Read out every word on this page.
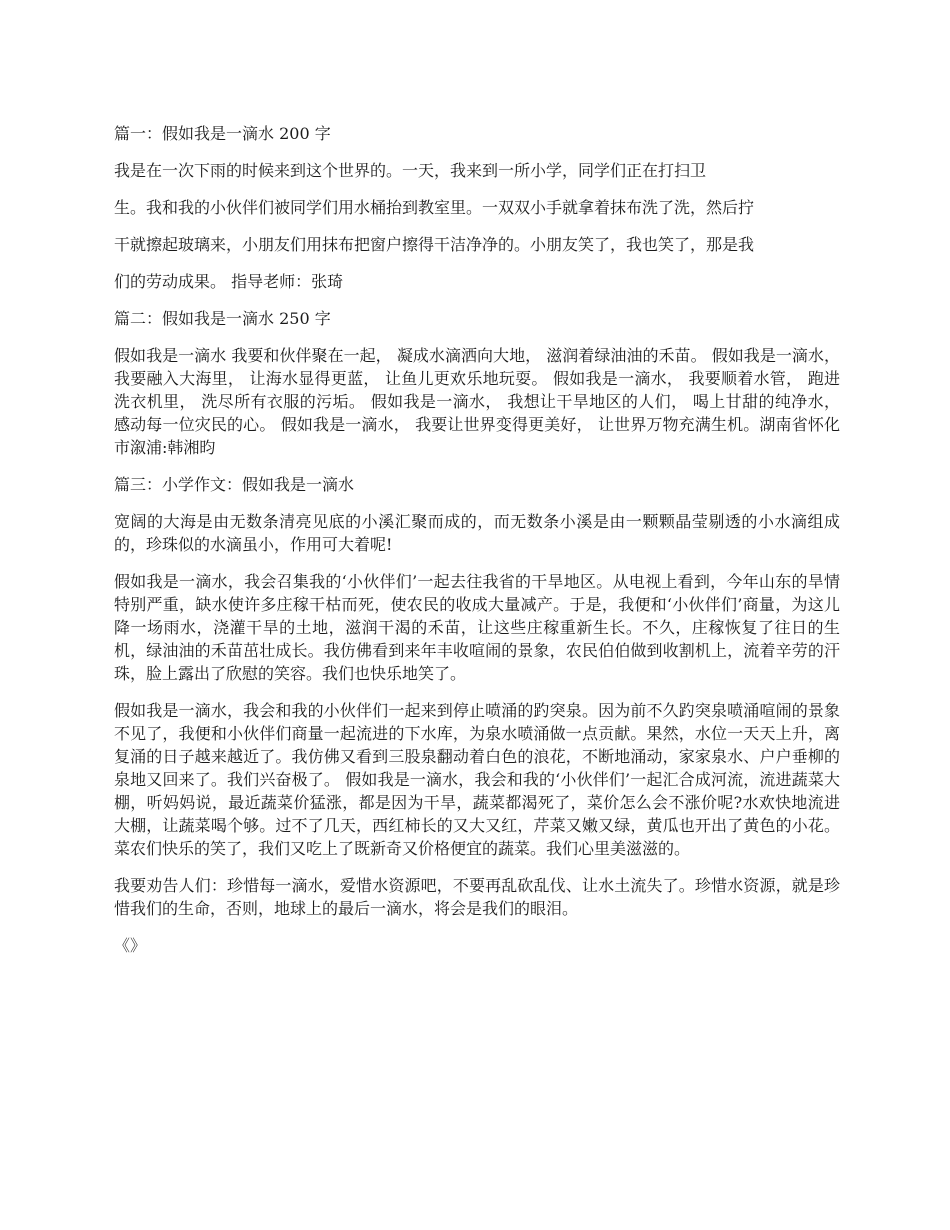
篇一：假如我是一滴水 200 字
我是在一次下雨的时候来到这个世界的。一天，我来到一所小学，同学们正在打扫卫
生。我和我的小伙伴们被同学们用水桶抬到教室里。一双双小手就拿着抹布洗了洗，然后拧
干就擦起玻璃来，小朋友们用抹布把窗户擦得干洁净净的。小朋友笑了，我也笑了，那是我
们的劳动成果。 指导老师：张琦
篇二：假如我是一滴水 250 字
假如我是一滴水 我要和伙伴聚在一起， 凝成水滴洒向大地， 滋润着绿油油的禾苗。 假如我是一滴水， 我要融入大海里， 让海水显得更蓝， 让鱼儿更欢乐地玩耍。 假如我是一滴水， 我要顺着水管， 跑进洗衣机里， 洗尽所有衣服的污垢。 假如我是一滴水， 我想让干旱地区的人们， 喝上甘甜的纯净水， 感动每一位灾民的心。 假如我是一滴水， 我要让世界变得更美好， 让世界万物充满生机。湖南省怀化市溆浦:韩湘昀
篇三：小学作文：假如我是一滴水
宽阔的大海是由无数条清亮见底的小溪汇聚而成的，而无数条小溪是由一颗颗晶莹剔透的小水滴组成的，珍珠似的水滴虽小，作用可大着呢!
假如我是一滴水，我会召集我的‘小伙伴们’一起去往我省的干旱地区。从电视上看到，今年山东的旱情特别严重，缺水使许多庄稼干枯而死，使农民的收成大量减产。于是，我便和‘小伙伴们’商量，为这儿降一场雨水，浇灌干旱的土地，滋润干渴的禾苗，让这些庄稼重新生长。不久，庄稼恢复了往日的生机，绿油油的禾苗茁壮成长。我仿佛看到来年丰收喧闹的景象，农民伯伯做到收割机上，流着辛劳的汗珠，脸上露出了欣慰的笑容。我们也快乐地笑了。
假如我是一滴水，我会和我的小伙伴们一起来到停止喷涌的趵突泉。因为前不久趵突泉喷涌喧闹的景象不见了，我便和小伙伴们商量一起流进的下水库，为泉水喷涌做一点贡献。果然，水位一天天上升，离复涌的日子越来越近了。我仿佛又看到三股泉翻动着白色的浪花，不断地涌动，家家泉水、户户垂柳的泉地又回来了。我们兴奋极了。 假如我是一滴水，我会和我的‘小伙伴们’一起汇合成河流，流进蔬菜大棚，听妈妈说，最近蔬菜价猛涨，都是因为干旱，蔬菜都渴死了，菜价怎么会不涨价呢?水欢快地流进大棚，让蔬菜喝个够。过不了几天，西红柿长的又大又红，芹菜又嫩又绿，黄瓜也开出了黄色的小花。菜农们快乐的笑了，我们又吃上了既新奇又价格便宜的蔬菜。我们心里美滋滋的。
我要劝告人们：珍惜每一滴水，爱惜水资源吧，不要再乱砍乱伐、让水土流失了。珍惜水资源，就是珍惜我们的生命，否则，地球上的最后一滴水，将会是我们的眼泪。
《》
